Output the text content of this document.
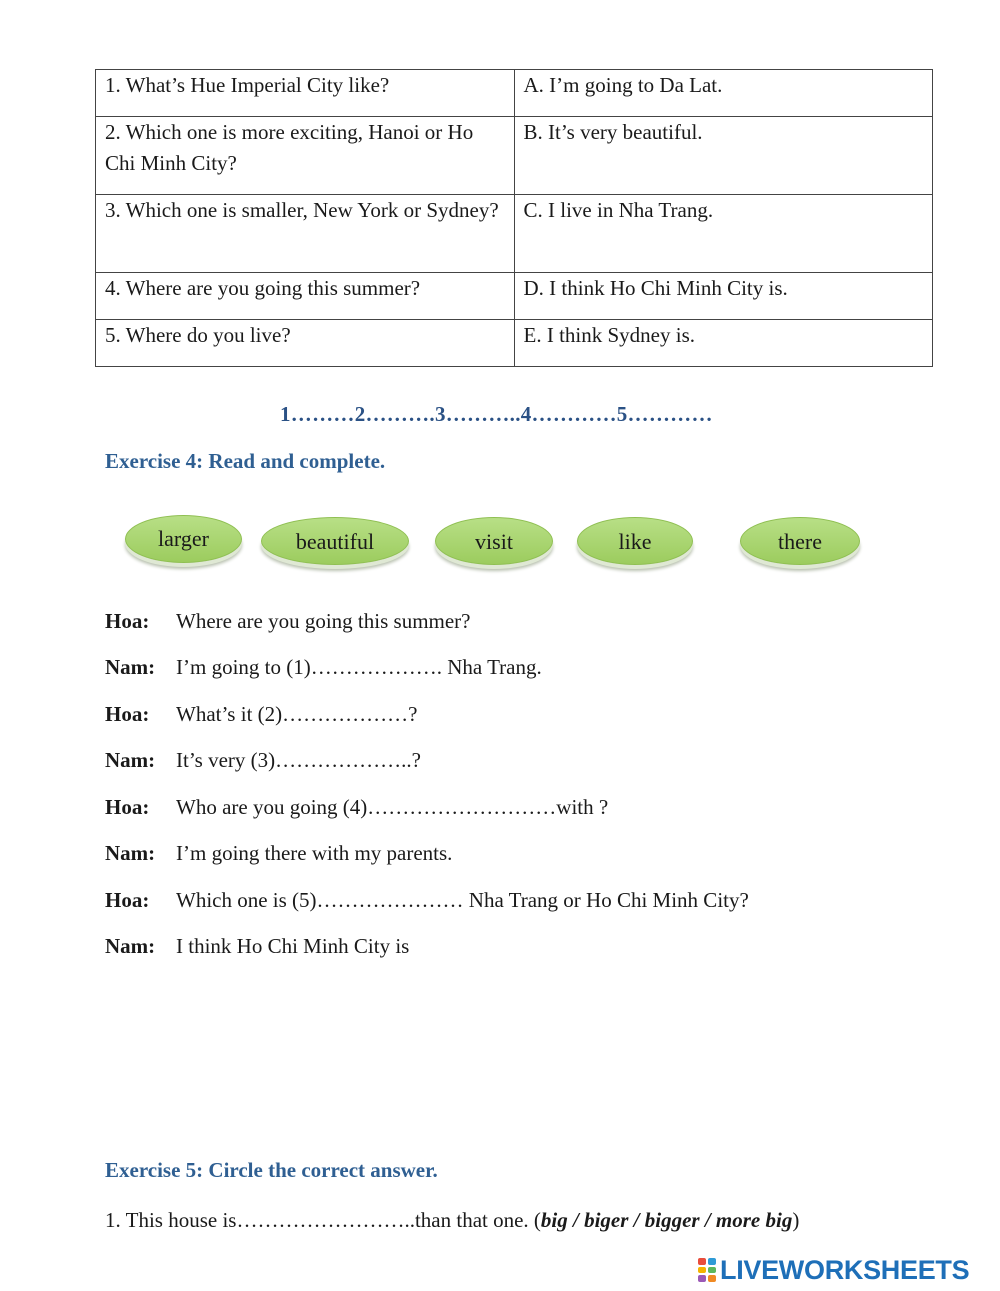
1. What’s Hue Imperial City like?	A. I’m going to Da Lat.
2. Which one is more exciting, Hanoi or Ho Chi Minh City?	B. It’s very beautiful.
3. Which one is smaller, New York or Sydney?	C. I live in Nha Trang.
4. Where are you going this summer?	D. I think Ho Chi Minh City is.
5. Where do you live?	E. I think Sydney is.
1………2……….3………..4…………5…………
Exercise 4: Read and complete.
larger	beautiful	visit	like	there
Hoa: Where are you going this summer?
Nam: I’m going to (1)………………. Nha Trang.
Hoa: What’s it (2)………………?
Nam: It’s very (3)………………..?
Hoa: Who are you going (4)………………………with ?
Nam: I’m going there with my parents.
Hoa: Which one is (5)………………… Nha Trang or Ho Chi Minh City?
Nam: I think Ho Chi Minh City is
Exercise 5: Circle the correct answer.
1. This house is……………………..than that one. (big / biger / bigger / more big)
LIVEWORKSHEETS
